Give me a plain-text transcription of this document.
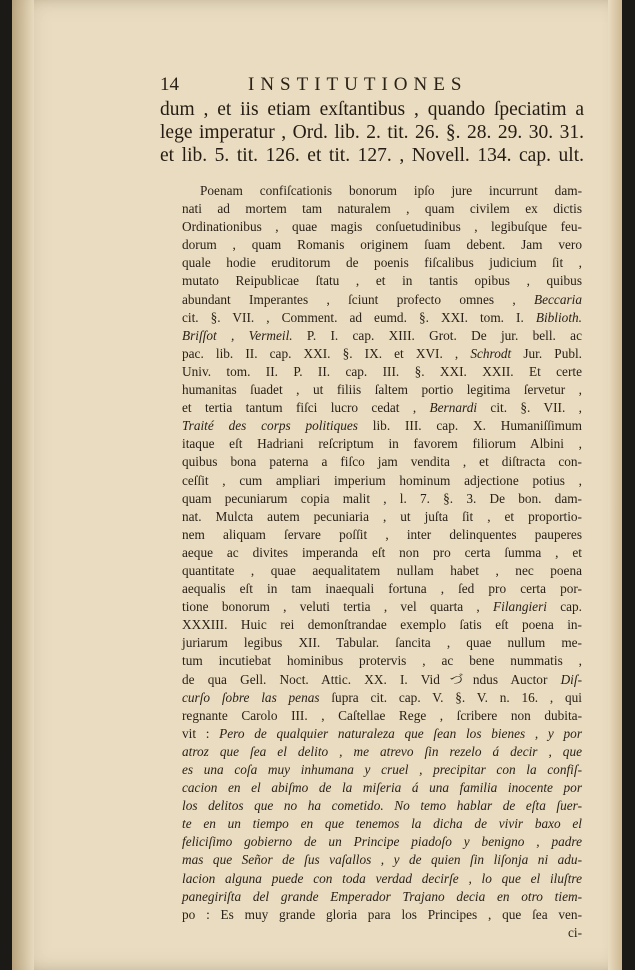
14	INSTITUTIONES
dum , et iis etiam exſtantibus , quando ſpeciatim a
lege imperatur , Ord. lib. 2. tit. 26. §. 28. 29. 30. 31.
et lib. 5. tit. 126. et tit. 127. , Novell. 134. cap. ult.
Poenam confiſcationis bonorum ipſo jure incurrunt dam-
nati ad mortem tam naturalem , quam civilem ex dictis
Ordinationibus , quae magis conſuetudinibus , legibuſque feu-
dorum , quam Romanis originem ſuam debent. Jam vero
quale hodie eruditorum de poenis fiſcalibus judicium ſit ,
mutato Reipublicae ſtatu , et in tantis opibus , quibus
abundant Imperantes , ſciunt profecto omnes , Beccaria
cit. §. VII. , Comment. ad eumd. §. XXI. tom. I. Biblioth.
Briſſot , Vermeil. P. I. cap. XIII. Grot. De jur. bell. ac
pac. lib. II. cap. XXI. §. IX. et XVI. , Schrodt Jur. Publ.
Univ. tom. II. P. II. cap. III. §. XXI. XXII. Et certe
humanitas ſuadet , ut filiis ſaltem portio legitima ſervetur ,
et tertia tantum fiſci lucro cedat , Bernardi cit. §. VII. ,
Traité des corps politiques lib. III. cap. X. Humaniſſimum
itaque eſt Hadriani reſcriptum in favorem filiorum Albini ,
quibus bona paterna a fiſco jam vendita , et diſtracta con-
ceſſit , cum ampliari imperium hominum adjectione potius ,
quam pecuniarum copia malit , l. 7. §. 3. De bon. dam-
nat. Mulcta autem pecuniaria , ut juſta ſit , et proportio-
nem aliquam ſervare poſſit , inter delinquentes pauperes
aeque ac divites imperanda eſt non pro certa ſumma , et
quantitate , quae aequalitatem nullam habet , nec poena
aequalis eſt in tam inaequali fortuna , ſed pro certa por-
tione bonorum , veluti tertia , vel quarta , Filangieri cap.
XXXIII. Huic rei demonſtrandae exemplo ſatis eſt poena in-
juriarum legibus XII. Tabular. ſancita , quae nullum me-
tum incutiebat hominibus protervis , ac bene nummatis ,
de qua Gell. Noct. Attic. XX. I. Vidづndus Auctor Diſ-
curſo ſobre las penas ſupra cit. cap. V. §. V. n. 16. , qui
regnante Carolo III. , Caſtellae Rege , ſcribere non dubita-
vit : Pero de qualquier naturaleza que ſean los bienes , y por
atroz que ſea el delito , me atrevo ſin rezelo á decir , que
es una coſa muy inhumana y cruel , precipitar con la confiſ-
cacion en el abiſmo de la miſeria á una familia inocente por
los delitos que no ha cometido. No temo hablar de eſta ſuer-
te en un tiempo en que tenemos la dicha de vivir baxo el
feliciſimo gobierno de un Principe piadoſo y benigno , padre
mas que Señor de ſus vaſallos , y de quien ſin liſonja ni adu-
lacion alguna puede con toda verdad decirſe , lo que el iluſtre
panegiriſta del grande Emperador Trajano decia en otro tiem-
po : Es muy grande gloria para los Principes , que ſea ven-
ci-
